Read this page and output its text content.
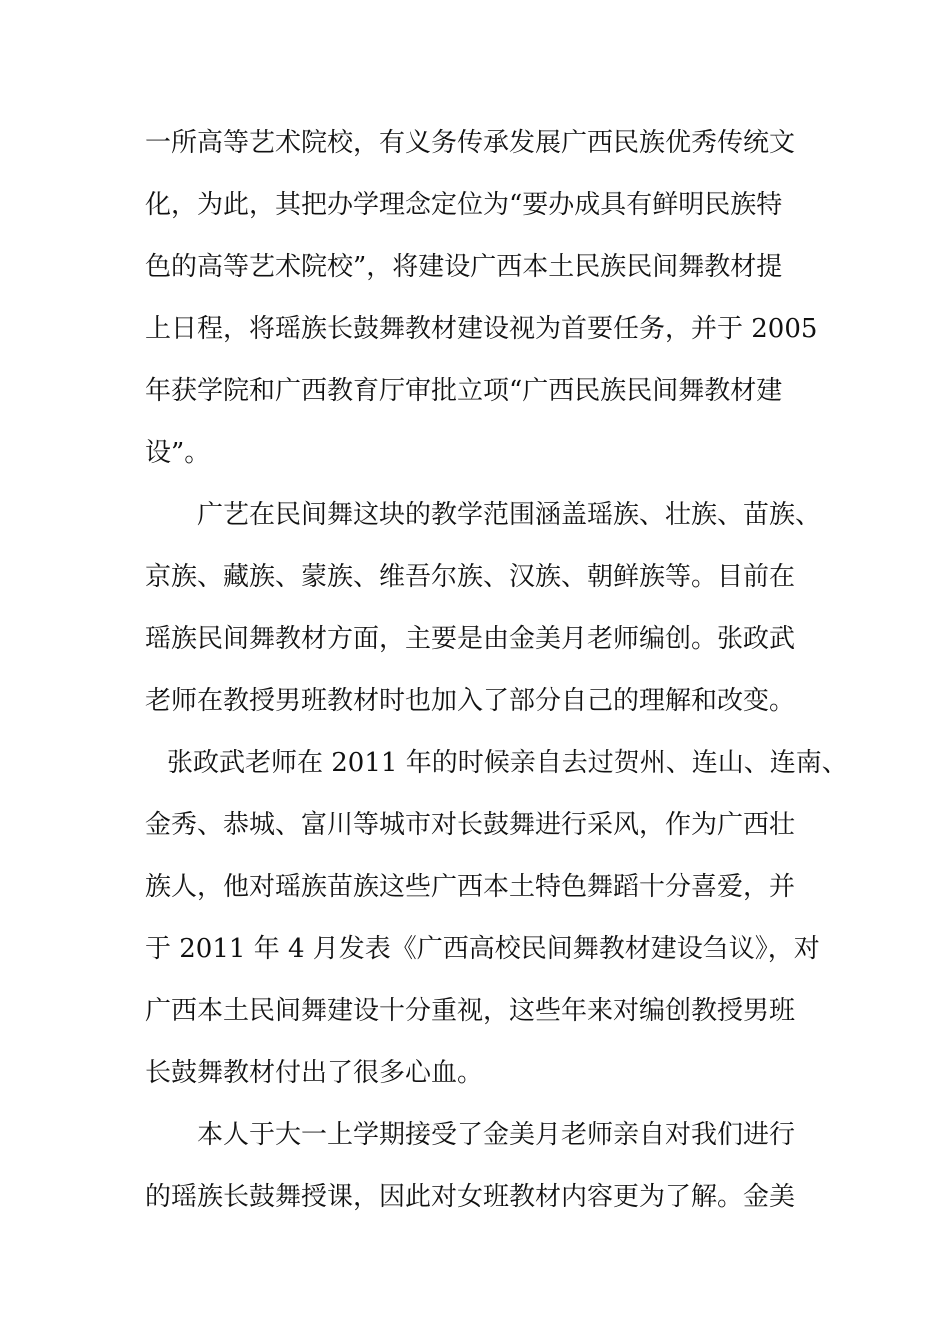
一所高等艺术院校，有义务传承发展广西民族优秀传统文
化，为此，其把办学理念定位为“要办成具有鲜明民族特
色的高等艺术院校”，将建设广西本土民族民间舞教材提
上日程，将瑶族长鼓舞教材建设视为首要任务，并于 2005
年获学院和广西教育厅审批立项“广西民族民间舞教材建
设”。
广艺在民间舞这块的教学范围涵盖瑶族、壮族、苗族、
京族、藏族、蒙族、维吾尔族、汉族、朝鲜族等。目前在
瑶族民间舞教材方面，主要是由金美月老师编创。张政武
老师在教授男班教材时也加入了部分自己的理解和改变。
张政武老师在 2011 年的时候亲自去过贺州、连山、连南、
金秀、恭城、富川等城市对长鼓舞进行采风，作为广西壮
族人，他对瑶族苗族这些广西本土特色舞蹈十分喜爱，并
于 2011 年 4 月发表《广西高校民间舞教材建设刍议》，对
广西本土民间舞建设十分重视，这些年来对编创教授男班
长鼓舞教材付出了很多心血。
本人于大一上学期接受了金美月老师亲自对我们进行
的瑶族长鼓舞授课，因此对女班教材内容更为了解。金美
